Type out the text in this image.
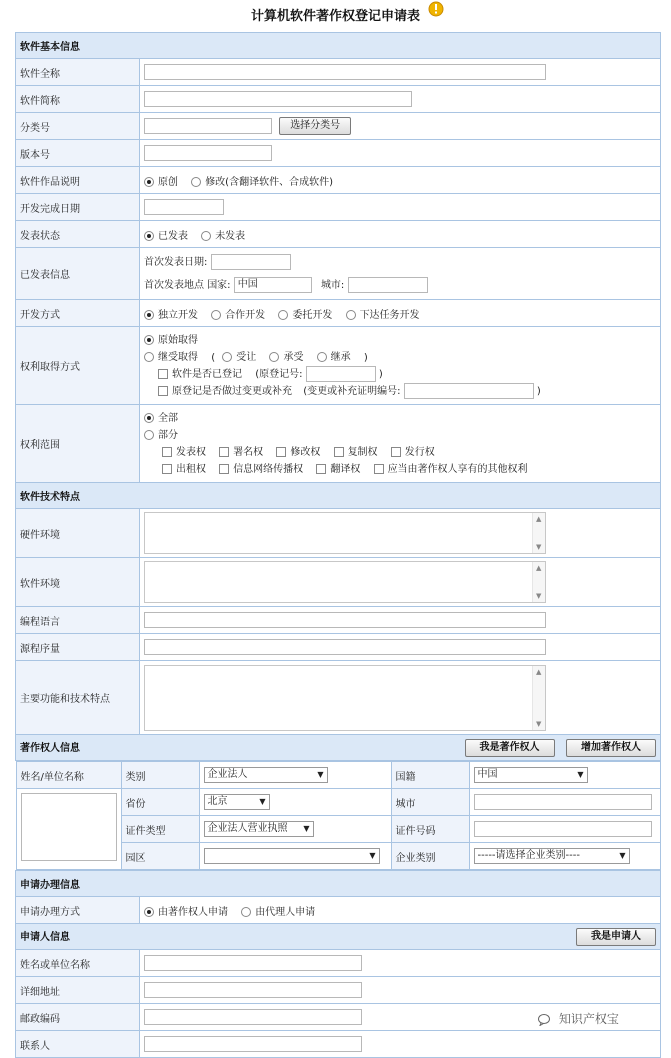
计算机软件著作权登记申请表
软件基本信息
软件全称	
软件简称	
分类号	选择分类号
版本号	
软件作品说明	原创	修改(含翻译软件、合成软件)
开发完成日期	
发表状态	已发表	未发表
已发表信息	
首次发表日期:
首次发表地点 国家: 中国	城市:

开发方式	独立开发	合作开发	委托开发	下达任务开发
权利取得方式	
原始取得
继受取得 ( 受让	承受	继承 )
软件是否已登记 (原登记号:	)
原登记是否做过变更或补充 (变更或补充证明编号:	)

权利范围	
全部
部分
发表权	署名权	修改权	复制权	发行权
出租权	信息网络传播权	翻译权	应当由著作权人享有的其他权利

软件技术特点
硬件环境	
▲
▼

软件环境	
▲
▼

编程语言	
源程序量	
主要功能和技术特点	
▲
▼

著作权人信息	我是著作权人	增加著作权人

姓名/单位名称	类别	企业法人	▼	国籍	中国	▼

	省份	北京	▼	城市	
证件类型	企业法人营业执照 ▼	证件号码	
园区	▼	企业类别	-----请选择企业类别----	▼

申请办理信息
申请办理方式	由著作权人申请	由代理人申请
申请人信息	我是申请人

姓名或单位名称	
详细地址	
邮政编码	
联系人	
知识产权宝
